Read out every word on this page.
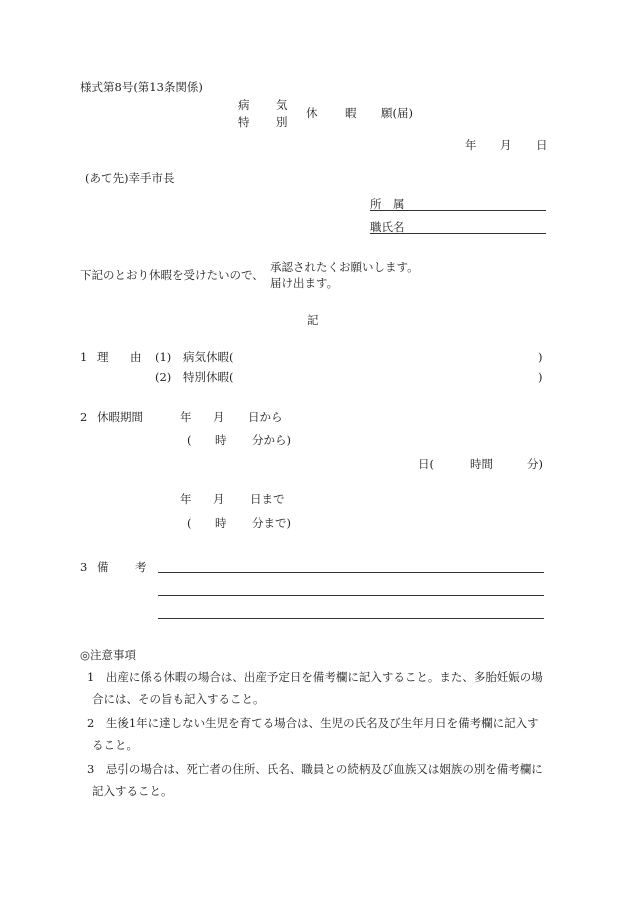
様式第8号(第13条関係)
病 気
特 別
休 暇 願(届)
年 月 日
(あて先)幸手市長
所　属
職氏名
下記のとおり休暇を受けたいので、
承認されたくお願いします。
届け出ます。
記
1 理 由 (1) 病気休暇(	)
(2) 特別休暇(	)
2 休暇期間	年 月 日から
( 時 分から)
日(	時間	分)
年 月 日まで
( 時 分まで)
3 備 考
◎注意事項
1　出産に係る休暇の場合は、出産予定日を備考欄に記入すること。また、多胎妊娠の場
合には、その旨も記入すること。
2　生後1年に達しない生児を育てる場合は、生児の氏名及び生年月日を備考欄に記入す
ること。
3　忌引の場合は、死亡者の住所、氏名、職員との続柄及び血族又は姻族の別を備考欄に
記入すること。
